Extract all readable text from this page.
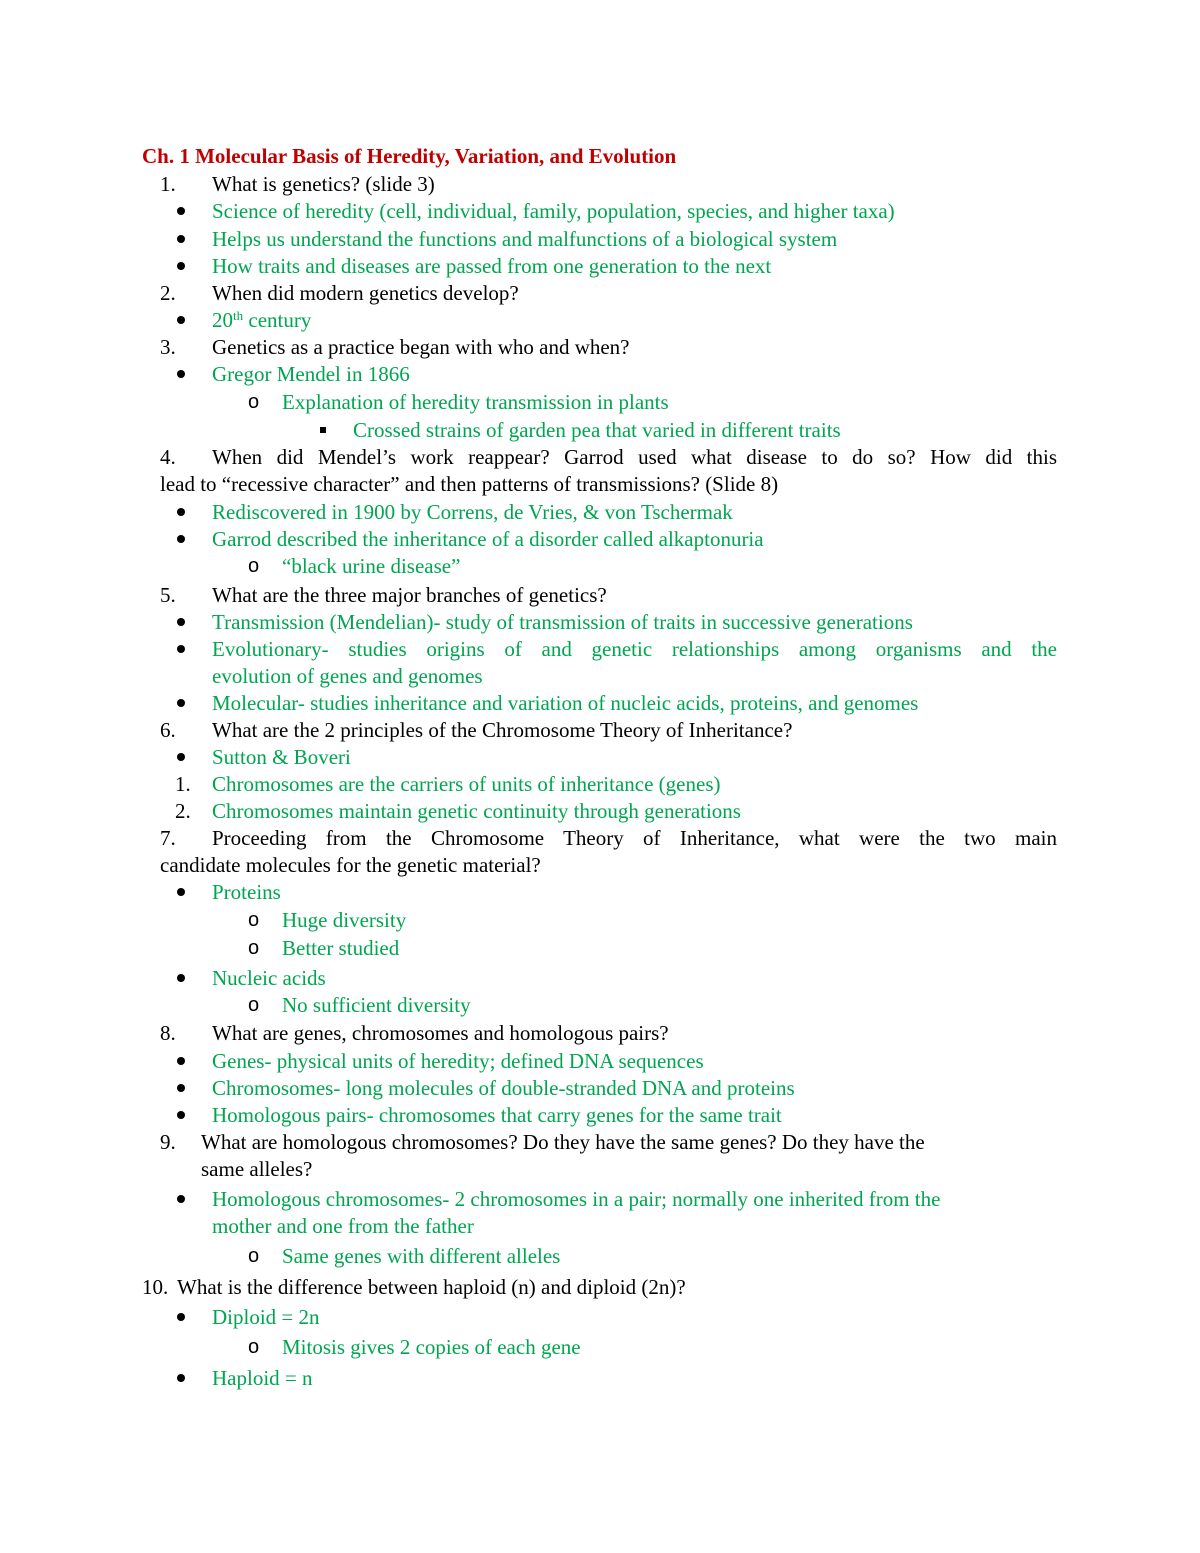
Ch. 1 Molecular Basis of Heredity, Variation, and Evolution
1. What is genetics? (slide 3)
Science of heredity (cell, individual, family, population, species, and higher taxa)
Helps us understand the functions and malfunctions of a biological system
How traits and diseases are passed from one generation to the next
2. When did modern genetics develop?
20th century
3. Genetics as a practice began with who and when?
Gregor Mendel in 1866
o Explanation of heredity transmission in plants
Crossed strains of garden pea that varied in different traits
4. When did Mendel’s work reappear? Garrod used what disease to do so? How did this
lead to “recessive character” and then patterns of transmissions? (Slide 8)
Rediscovered in 1900 by Correns, de Vries, & von Tschermak
Garrod described the inheritance of a disorder called alkaptonuria
o “black urine disease”
5. What are the three major branches of genetics?
Transmission (Mendelian)- study of transmission of traits in successive generations
Evolutionary- studies origins of and genetic relationships among organisms and the
evolution of genes and genomes
Molecular- studies inheritance and variation of nucleic acids, proteins, and genomes
6. What are the 2 principles of the Chromosome Theory of Inheritance?
Sutton & Boveri
1. Chromosomes are the carriers of units of inheritance (genes)
2. Chromosomes maintain genetic continuity through generations
7. Proceeding from the Chromosome Theory of Inheritance, what were the two main
candidate molecules for the genetic material?
Proteins
o Huge diversity
o Better studied
Nucleic acids
o No sufficient diversity
8. What are genes, chromosomes and homologous pairs?
Genes- physical units of heredity; defined DNA sequences
Chromosomes- long molecules of double-stranded DNA and proteins
Homologous pairs- chromosomes that carry genes for the same trait
9. What are homologous chromosomes? Do they have the same genes? Do they have the
same alleles?
Homologous chromosomes- 2 chromosomes in a pair; normally one inherited from the
mother and one from the father
o Same genes with different alleles
10. What is the difference between haploid (n) and diploid (2n)?
Diploid = 2n
o Mitosis gives 2 copies of each gene
Haploid = n
